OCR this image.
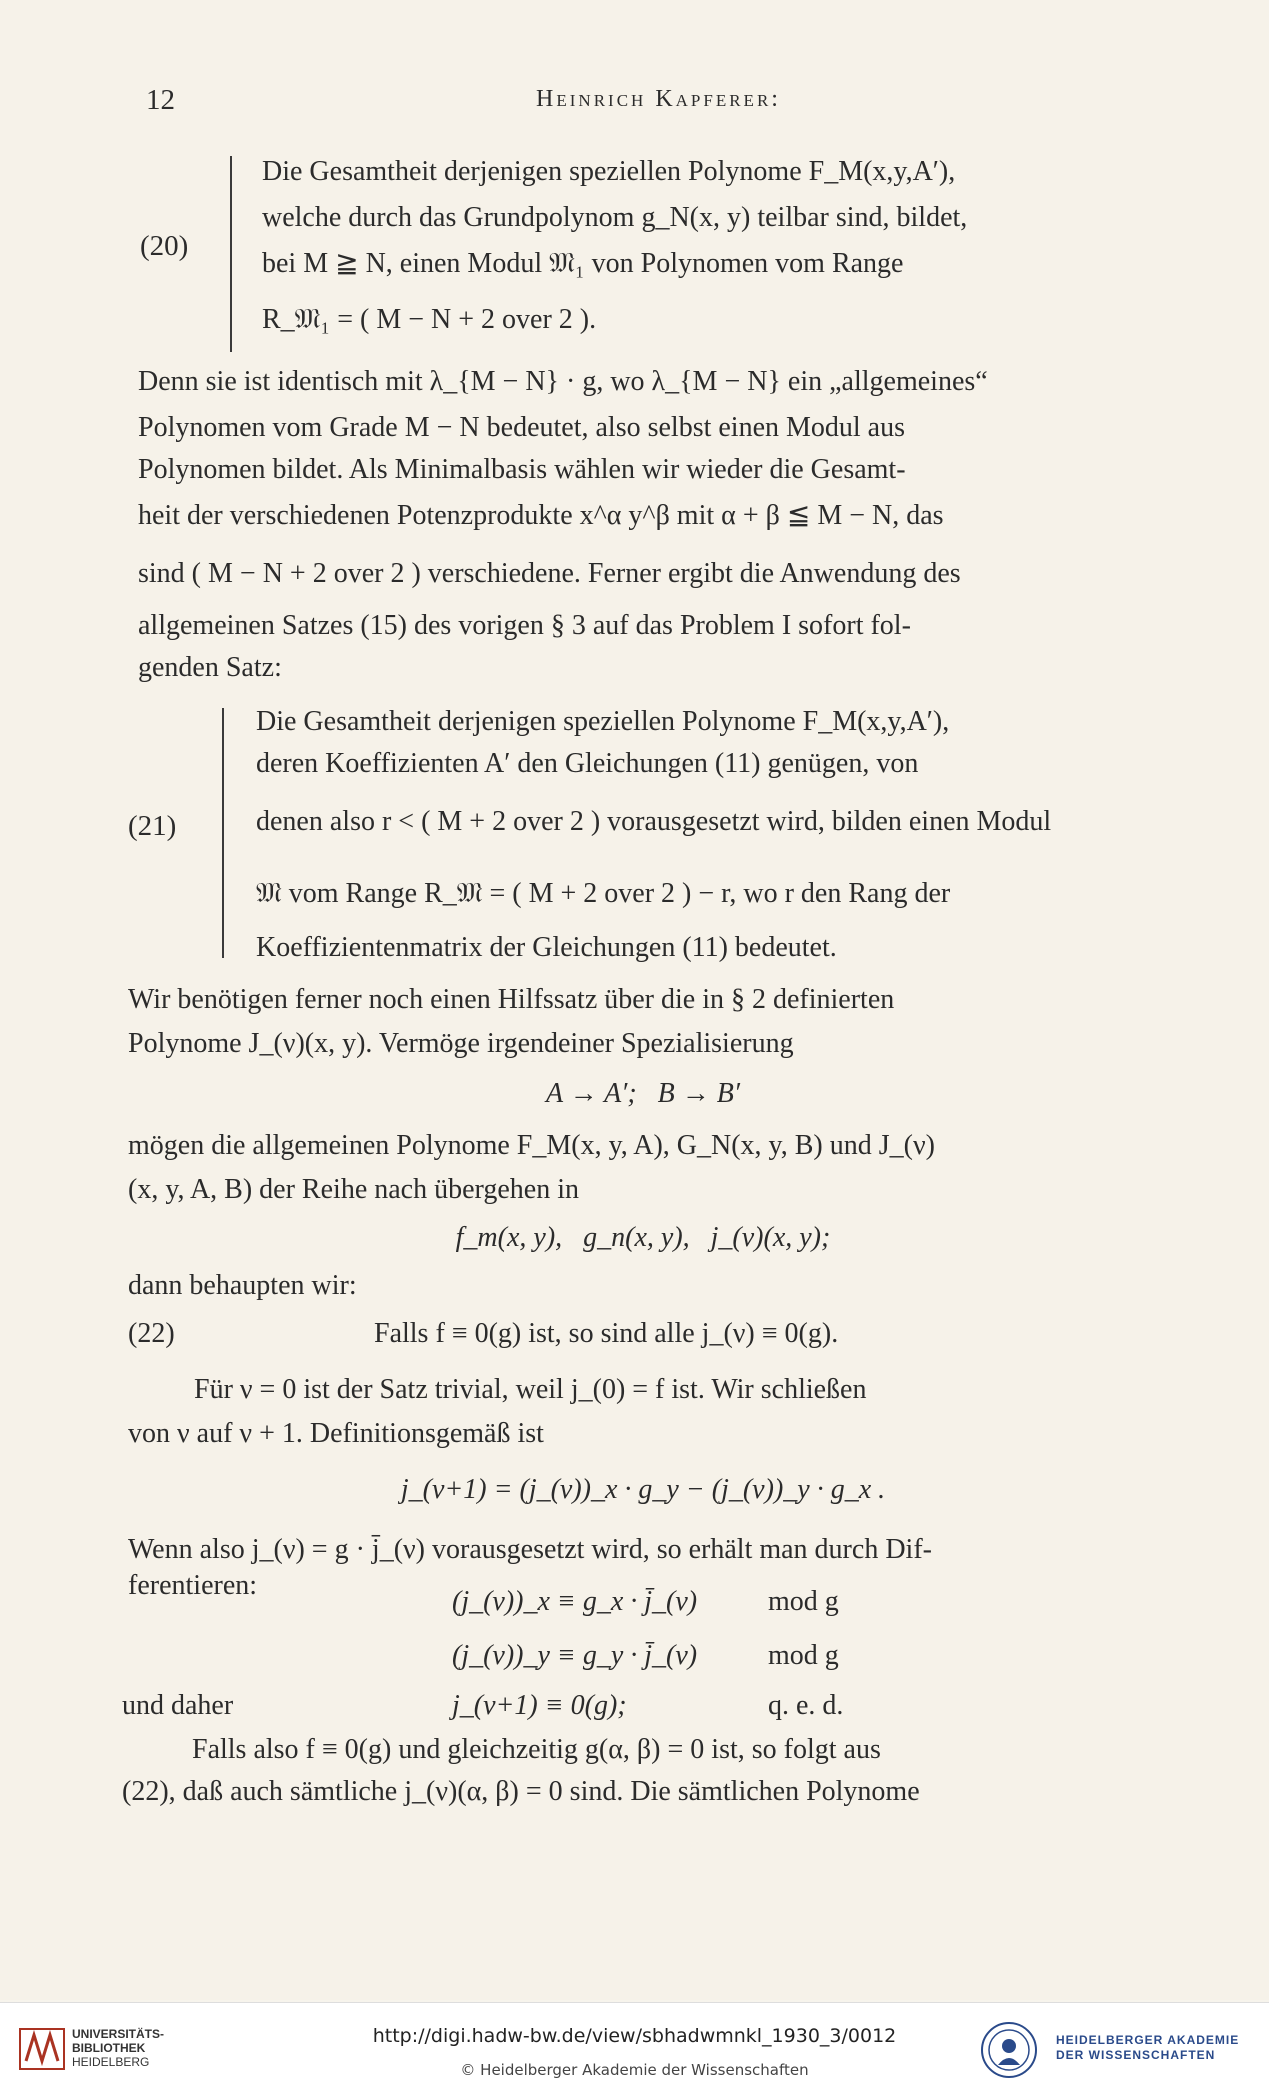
12	Heinrich Kapferer:
(20)
Die Gesamtheit derjenigen speziellen Polynome F_M(x,y,A′),
welche durch das Grundpolynom g_N(x, y) teilbar sind, bildet,
bei M ≧ N, einen Modul 𝔐₁ von Polynomen vom Range
R_𝔐₁ = ( M − N + 2 over 2 ).
Denn sie ist identisch mit λ_{M − N} · g, wo λ_{M − N} ein „allgemeines“
Polynomen vom Grade M − N bedeutet, also selbst einen Modul aus
Polynomen bildet. Als Minimalbasis wählen wir wieder die Gesamt-
heit der verschiedenen Potenzprodukte x^α y^β mit α + β ≦ M − N, das
sind ( M − N + 2 over 2 ) verschiedene. Ferner ergibt die Anwendung des
allgemeinen Satzes (15) des vorigen § 3 auf das Problem I sofort fol-
genden Satz:
(21)
Die Gesamtheit derjenigen speziellen Polynome F_M(x,y,A′),
deren Koeffizienten A′ den Gleichungen (11) genügen, von
denen also r < ( M + 2 over 2 ) vorausgesetzt wird, bilden einen Modul
𝔐 vom Range R_𝔐 = ( M + 2 over 2 ) − r, wo r den Rang der
Koeffizientenmatrix der Gleichungen (11) bedeutet.
Wir benötigen ferner noch einen Hilfssatz über die in § 2 definierten
Polynome J_(ν)(x, y). Vermöge irgendeiner Spezialisierung
A → A′;   B → B′
mögen die allgemeinen Polynome F_M(x, y, A), G_N(x, y, B) und J_(ν)
(x, y, A, B) der Reihe nach übergehen in
f_m(x, y),   g_n(x, y),   j_(ν)(x, y);
dann behaupten wir:
(22)	Falls f ≡ 0(g) ist, so sind alle j_(ν) ≡ 0(g).
Für ν = 0 ist der Satz trivial, weil j_(0) = f ist. Wir schließen
von ν auf ν + 1. Definitionsgemäß ist
j_(ν+1) = (j_(ν))_x · g_y − (j_(ν))_y · g_x .
Wenn also j_(ν) = g · j̄_(ν) vorausgesetzt wird, so erhält man durch Dif-
ferentieren:
(j_(ν))_x ≡ g_x · j̄_(ν)	mod g
(j_(ν))_y ≡ g_y · j̄_(ν)	mod g
und daher	j_(ν+1) ≡ 0(g);	q. e. d.
Falls also f ≡ 0(g) und gleichzeitig g(α, β) = 0 ist, so folgt aus
(22), daß auch sämtliche j_(ν)(α, β) = 0 sind. Die sämtlichen Polynome
UNIVERSITÄTS-
BIBLIOTHEK
HEIDELBERG
http://digi.hadw-bw.de/view/sbhadwmnkl_1930_3/0012
© Heidelberger Akademie der Wissenschaften
HEIDELBERGER AKADEMIE
DER WISSENSCHAFTEN
